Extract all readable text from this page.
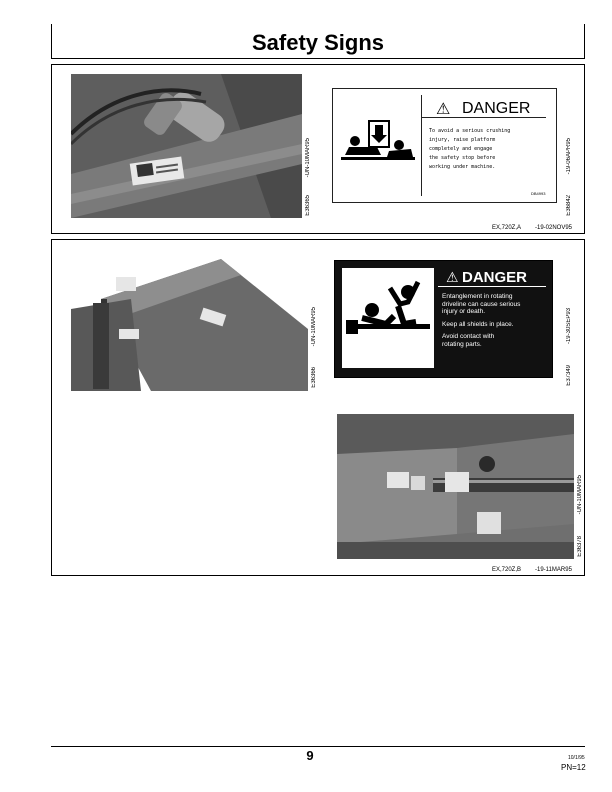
Safety Signs
E36365
-UN-10MAR95
⚠ DANGER
To avoid a serious crushing
injury, raise platform
completely and engage
the safety stop before
working under machine.
DB4993
E36842
-19-06APR95
EX,720Z,A -19-02NOV95
E36366
-UN-10MAR95
⚠ DANGER
Entanglement in rotating
driveline can cause serious
injury or death.
Keep all shields in place.
Avoid contact with
rotating parts.
E37349
-19-30SEP93
E36378
-UN-10MAR95
EX,720Z,B -19-11MAR95
9	10/1/95
PN=12
